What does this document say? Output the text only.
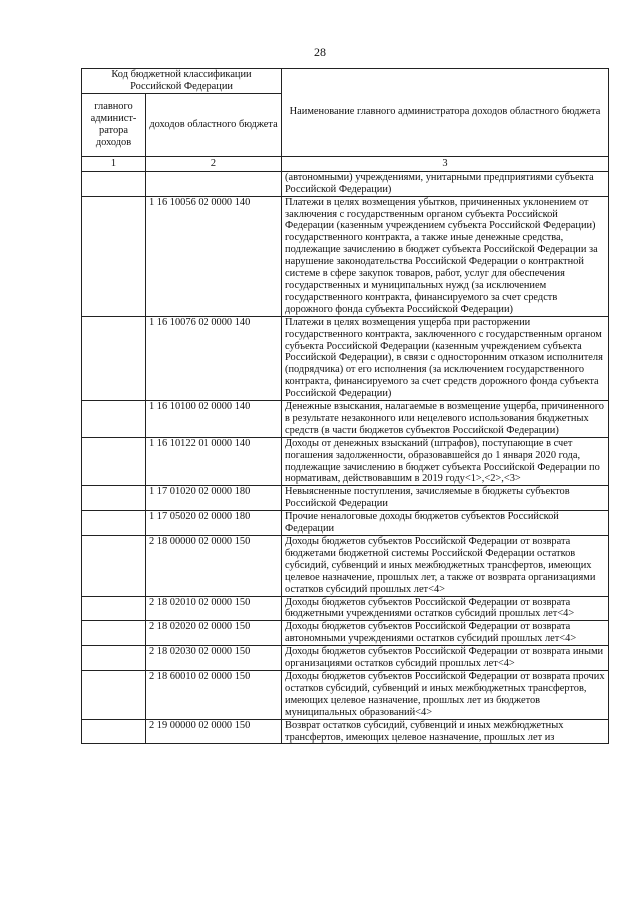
28
Код бюджетной классификации Российской Федерации		Наименование главного администратора доходов областного бюджета
главного админист-ратора доходов	доходов областного бюджета	
1	2	3
		(автономными) учреждениями, унитарными предприятиями субъекта Российской Федерации)
	1 16 10056 02 0000 140	Платежи в целях возмещения убытков, причиненных уклонением от заключения с государственным органом субъекта Российской Федерации (казенным учреждением субъекта Российской Федерации) государственного контракта, а также иные денежные средства, подлежащие зачислению в бюджет субъекта Российской Федерации за нарушение законодательства Российской Федерации о контрактной системе в сфере закупок товаров, работ, услуг для обеспечения государственных и муниципальных нужд (за исключением государственного контракта, финансируемого за счет средств дорожного фонда субъекта Российской Федерации)
	1 16 10076 02 0000 140	Платежи в целях возмещения ущерба при расторжении государственного контракта, заключенного с государственным органом субъекта Российской Федерации (казенным учреждением субъекта Российской Федерации), в связи с односторонним отказом исполнителя (подрядчика) от его исполнения (за исключением государственного контракта, финансируемого за счет средств дорожного фонда субъекта Российской Федерации)
	1 16 10100 02 0000 140	Денежные взыскания, налагаемые в возмещение ущерба, причиненного в результате незаконного или нецелевого использования бюджетных средств (в части бюджетов субъектов Российской Федерации)
	1 16 10122 01 0000 140	Доходы от денежных взысканий (штрафов), поступающие в счет погашения задолженности, образовавшейся до 1 января 2020 года, подлежащие зачислению в бюджет субъекта Российской Федерации по нормативам, действовавшим в 2019 году<1>,<2>,<3>
	1 17 01020 02 0000 180	Невыясненные поступления, зачисляемые в бюджеты субъектов Российской Федерации
	1 17 05020 02 0000 180	Прочие неналоговые доходы бюджетов субъектов Российской Федерации
	2 18 00000 02 0000 150	Доходы бюджетов субъектов Российской Федерации от возврата бюджетами бюджетной системы Российской Федерации остатков субсидий, субвенций и иных межбюджетных трансфертов, имеющих целевое назначение, прошлых лет, а также от возврата организациями остатков субсидий прошлых лет<4>
	2 18 02010 02 0000 150	Доходы бюджетов субъектов Российской Федерации от возврата бюджетными учреждениями остатков субсидий прошлых лет<4>
	2 18 02020 02 0000 150	Доходы бюджетов субъектов Российской Федерации от возврата автономными учреждениями остатков субсидий прошлых лет<4>
	2 18 02030 02 0000 150	Доходы бюджетов субъектов Российской Федерации от возврата иными организациями остатков субсидий прошлых лет<4>
	2 18 60010 02 0000 150	Доходы бюджетов субъектов Российской Федерации от возврата прочих остатков субсидий, субвенций и иных межбюджетных трансфертов, имеющих целевое назначение, прошлых лет из бюджетов муниципальных образований<4>
	2 19 00000 02 0000 150	Возврат остатков субсидий, субвенций и иных межбюджетных трансфертов, имеющих целевое назначение, прошлых лет из
